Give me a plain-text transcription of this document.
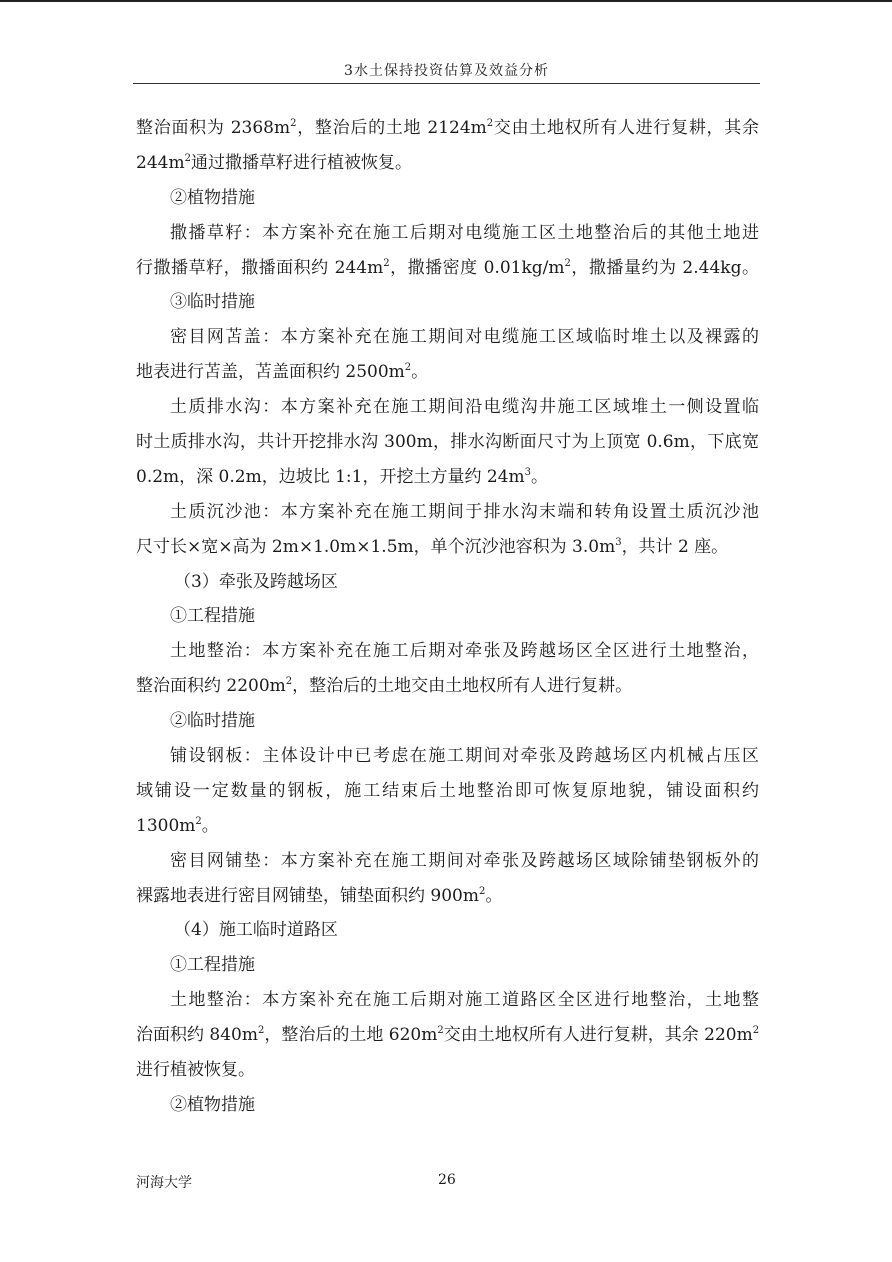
3水土保持投资估算及效益分析
整治面积为 $2368m^2$，整治后的土地 $2124m^2$交由土地权所有人进行复耕，其余
$244m^2$通过撒播草籽进行植被恢复。
②植物措施
撒播草籽：本方案补充在施工后期对电缆施工区土地整治后的其他土地进
行撒播草籽，撒播面积约 $244m^2$，撒播密度 $0.01kg/m^2$，撒播量约为 2.44kg。
③临时措施
密目网苫盖：本方案补充在施工期间对电缆施工区域临时堆土以及裸露的
地表进行苫盖，苫盖面积约 $2500m^2$。
土质排水沟：本方案补充在施工期间沿电缆沟井施工区域堆土一侧设置临
时土质排水沟，共计开挖排水沟 300m，排水沟断面尺寸为上顶宽 0.6m，下底宽
0.2m，深 0.2m，边坡比 1:1，开挖土方量约 $24m^3$。
土质沉沙池：本方案补充在施工期间于排水沟末端和转角设置土质沉沙池
尺寸长×宽×高为 2m×1.0m×1.5m，单个沉沙池容积为 $3.0m^3$，共计 2 座。
（3）牵张及跨越场区
①工程措施
土地整治：本方案补充在施工后期对牵张及跨越场区全区进行土地整治，
整治面积约 $2200m^2$，整治后的土地交由土地权所有人进行复耕。
②临时措施
铺设钢板：主体设计中已考虑在施工期间对牵张及跨越场区内机械占压区
域铺设一定数量的钢板，施工结束后土地整治即可恢复原地貌，铺设面积约
$1300m^2$。
密目网铺垫：本方案补充在施工期间对牵张及跨越场区域除铺垫钢板外的
裸露地表进行密目网铺垫，铺垫面积约 $900m^2$。
（4）施工临时道路区
①工程措施
土地整治：本方案补充在施工后期对施工道路区全区进行地整治，土地整
治面积约 $840m^2$，整治后的土地 $620m^2$交由土地权所有人进行复耕，其余 $220m^2$
进行植被恢复。
②植物措施
河海大学	26
